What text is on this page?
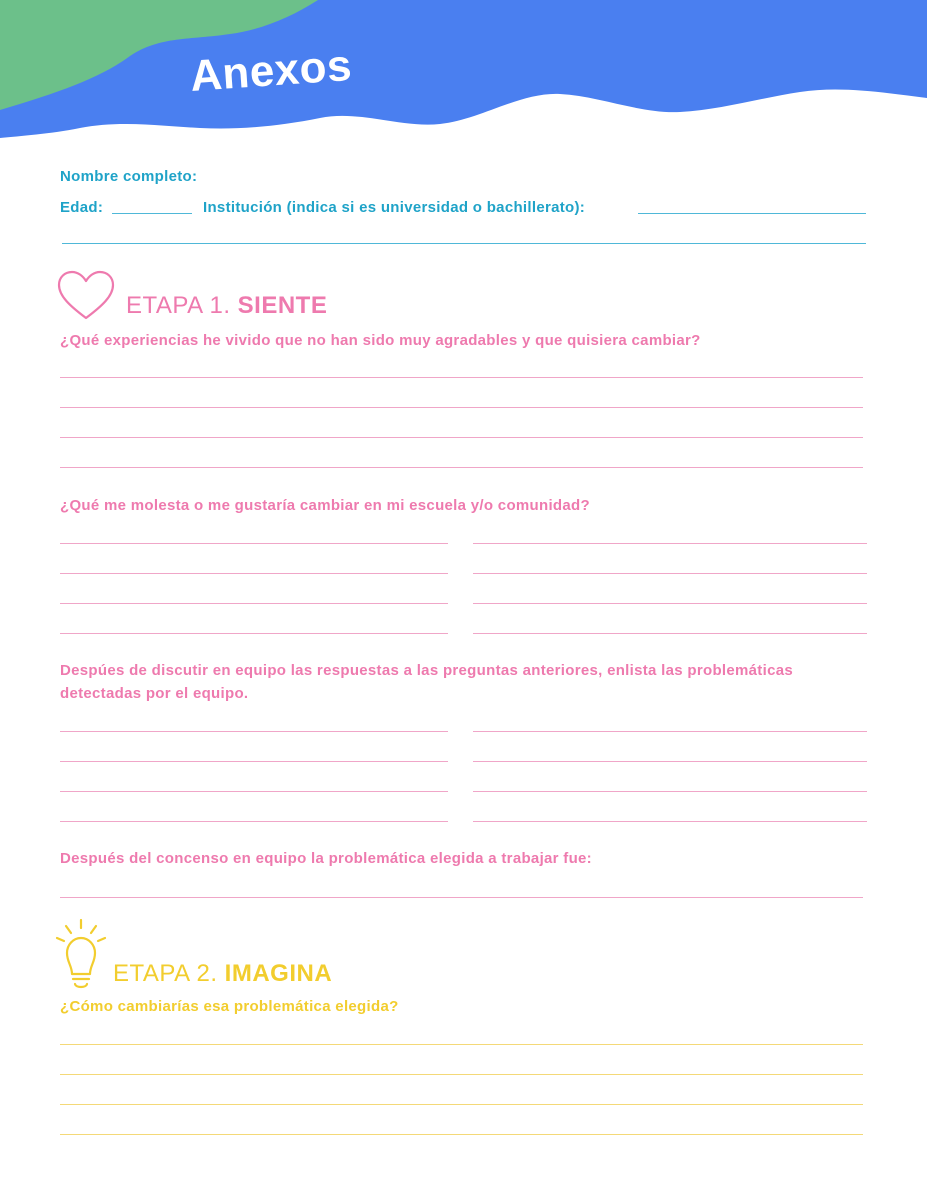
Anexos
Nombre completo:
Edad:	Institución (indica si es universidad o bachillerato):
ETAPA 1. SIENTE
¿Qué experiencias he vivido que no han sido muy agradables y que quisiera cambiar?
¿Qué me molesta o me gustaría cambiar en mi escuela y/o comunidad?
Despúes de discutir en equipo las respuestas a las preguntas anteriores, enlista las problemáticas detectadas por el equipo.
Después del concenso en equipo la problemática elegida a trabajar fue:
ETAPA 2. IMAGINA
¿Cómo cambiarías esa problemática elegida?
